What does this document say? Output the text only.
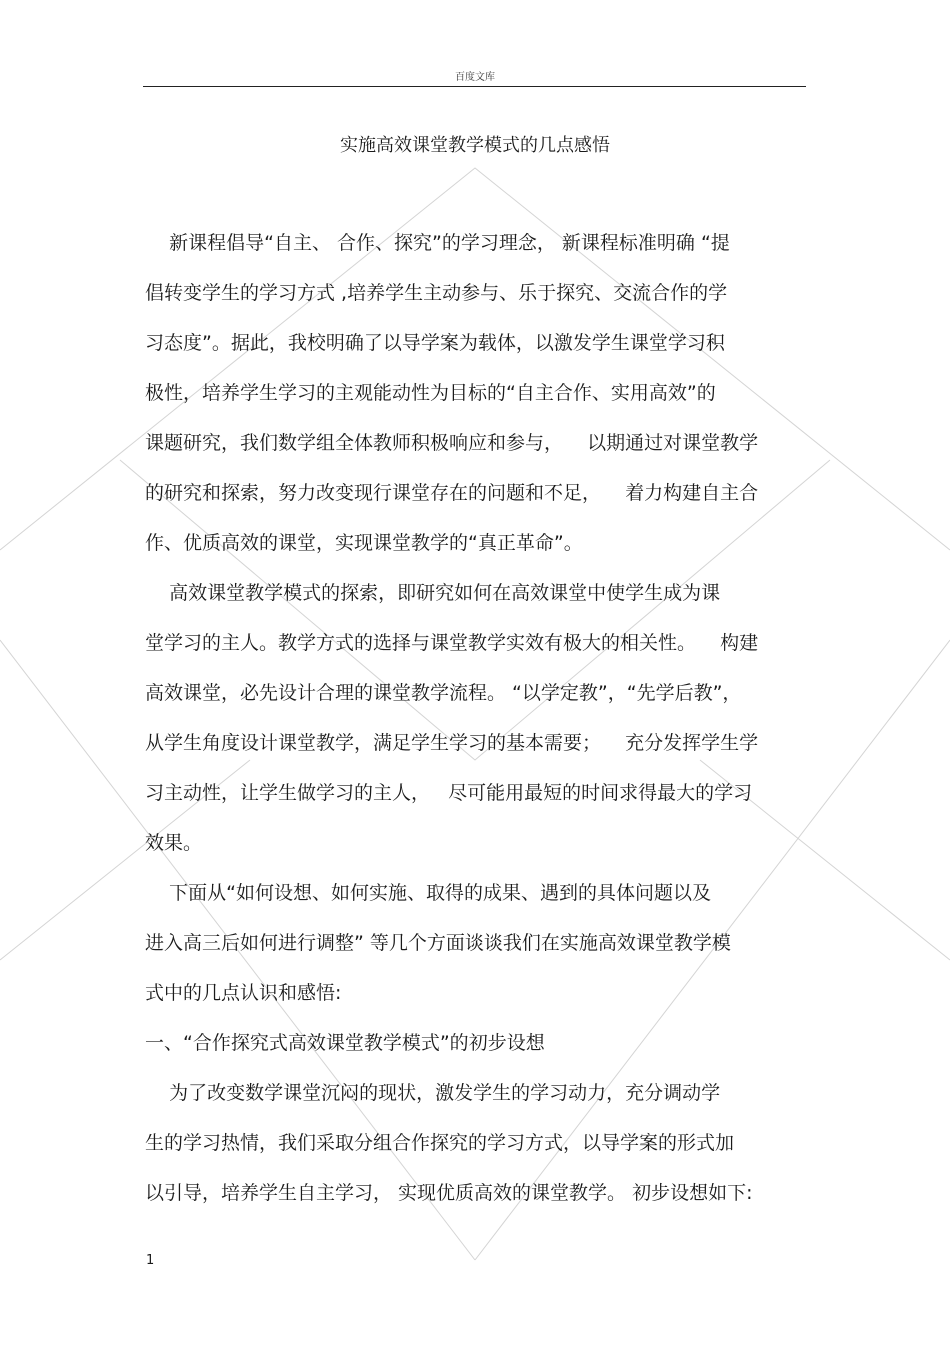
百度文库
实施高效课堂教学模式的几点感悟
新课程倡导“自主、 合作、探究”的学习理念， 新课程标准明确 “提
倡转变学生的学习方式 ,培养学生主动参与、乐于探究、交流合作的学
习态度”。据此，我校明确了以导学案为载体，以激发学生课堂学习积
极性，培养学生学习的主观能动性为目标的“自主合作、实用高效”的
课题研究，我们数学组全体教师积极响应和参与，    以期通过对课堂教学
的研究和探索，努力改变现行课堂存在的问题和不足，    着力构建自主合
作、优质高效的课堂，实现课堂教学的“真正革命”。
高效课堂教学模式的探索，即研究如何在高效课堂中使学生成为课
堂学习的主人。教学方式的选择与课堂教学实效有极大的相关性。    构建
高效课堂，必先设计合理的课堂教学流程。 “以学定教”，“先学后教”，
从学生角度设计课堂教学，满足学生学习的基本需要；    充分发挥学生学
习主动性，让学生做学习的主人，   尽可能用最短的时间求得最大的学习
效果。
下面从“如何设想、如何实施、取得的成果、遇到的具体问题以及
进入高三后如何进行调整” 等几个方面谈谈我们在实施高效课堂教学模
式中的几点认识和感悟:
一、“合作探究式高效课堂教学模式”的初步设想
为了改变数学课堂沉闷的现状，激发学生的学习动力，充分调动学
生的学习热情，我们采取分组合作探究的学习方式，以导学案的形式加
以引导，培养学生自主学习， 实现优质高效的课堂教学。 初步设想如下:
1
